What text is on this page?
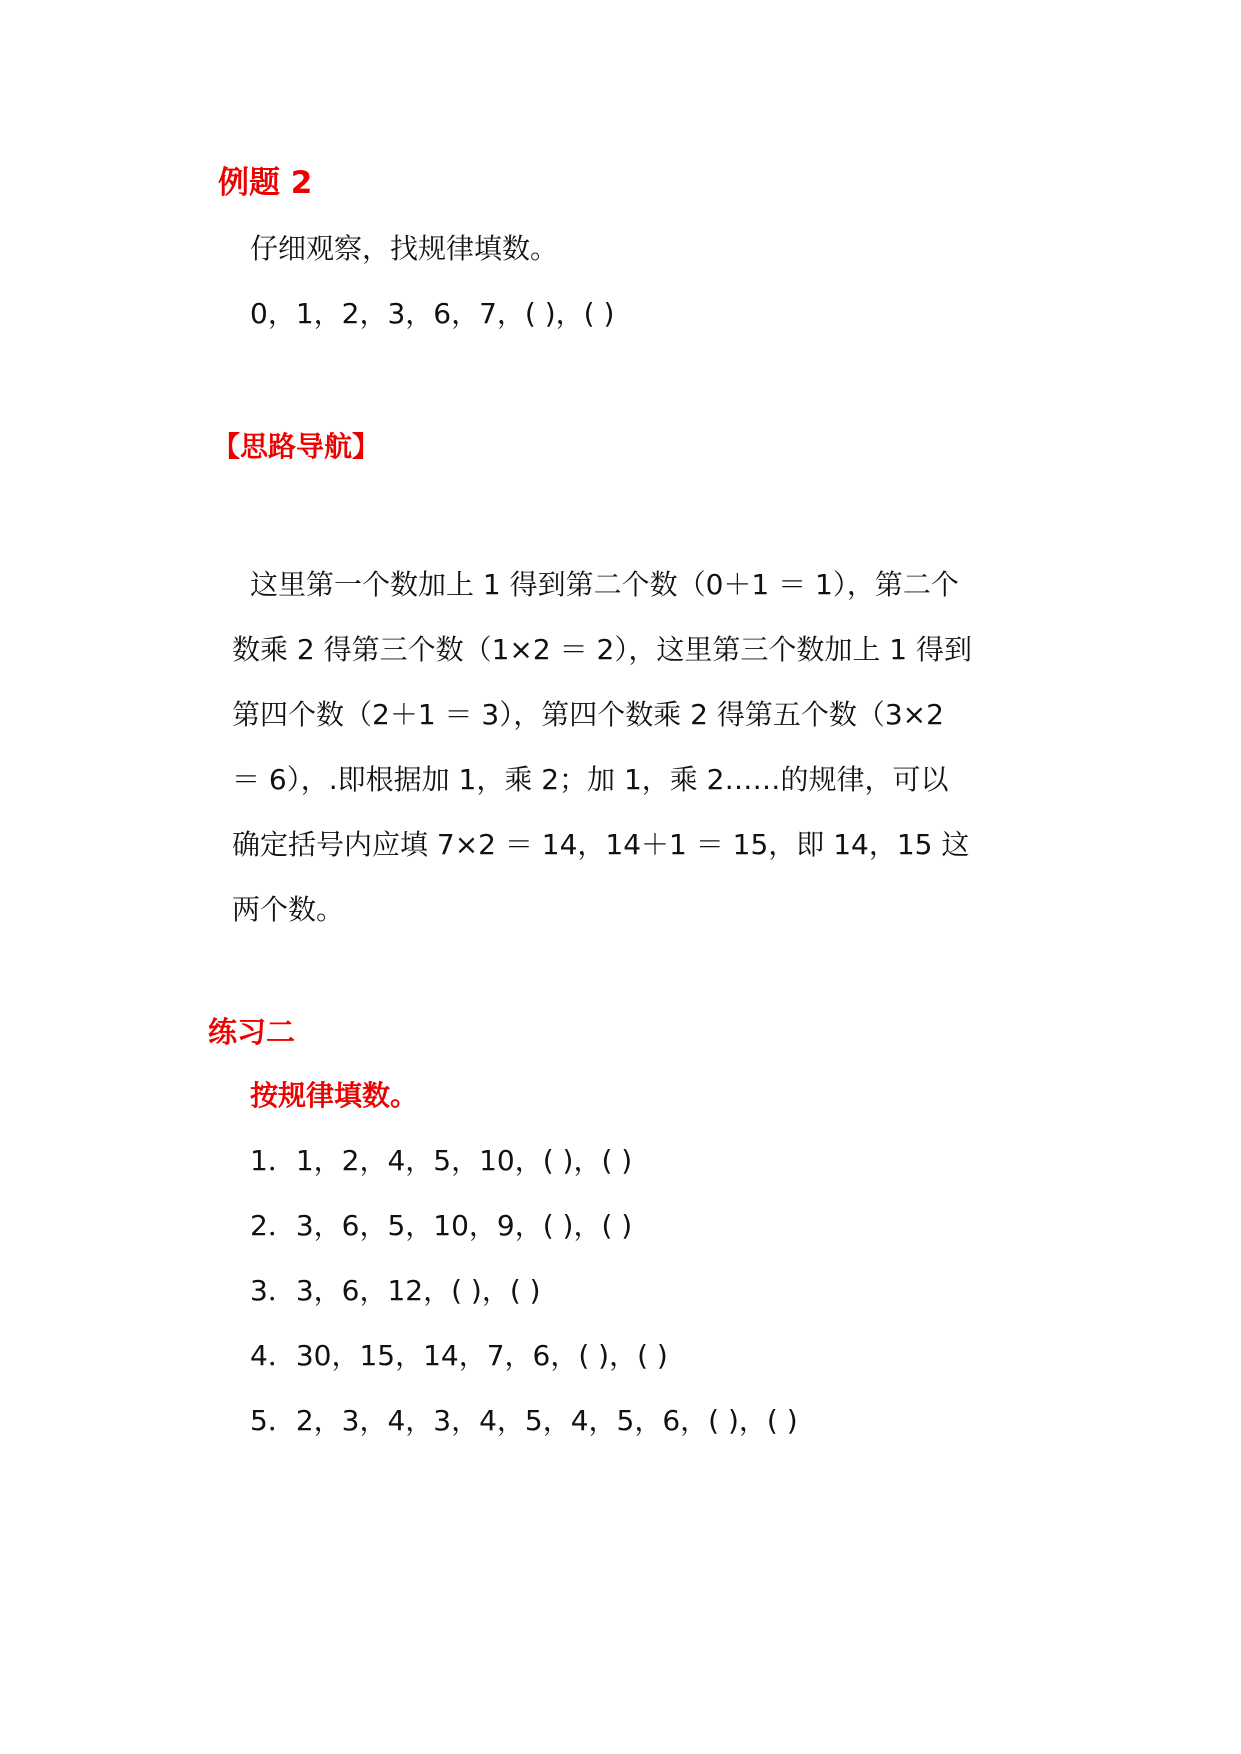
例题 2
仔细观察，找规律填数。
0，1，2，3，6，7，( )，( )
【思路导航】
这里第一个数加上 1 得到第二个数（0＋1 ＝ 1），第二个数乘 2 得第三个数（1×2 ＝ 2），这里第三个数加上 1 得到第四个数（2＋1 ＝ 3），第四个数乘 2 得第五个数（3×2 ＝ 6），.即根据加 1，乘 2；加 1，乘 2……的规律，可以确定括号内应填 7×2 ＝ 14，14＋1 ＝ 15，即 14，15 这两个数。
练习二
按规律填数。
1．1，2，4，5，10，( )，( )
2．3，6，5，10，9，( )，( )
3．3，6，12，( )，( )
4．30，15，14，7，6，( )，( )
5．2，3，4，3，4，5，4，5，6，( )，( )
